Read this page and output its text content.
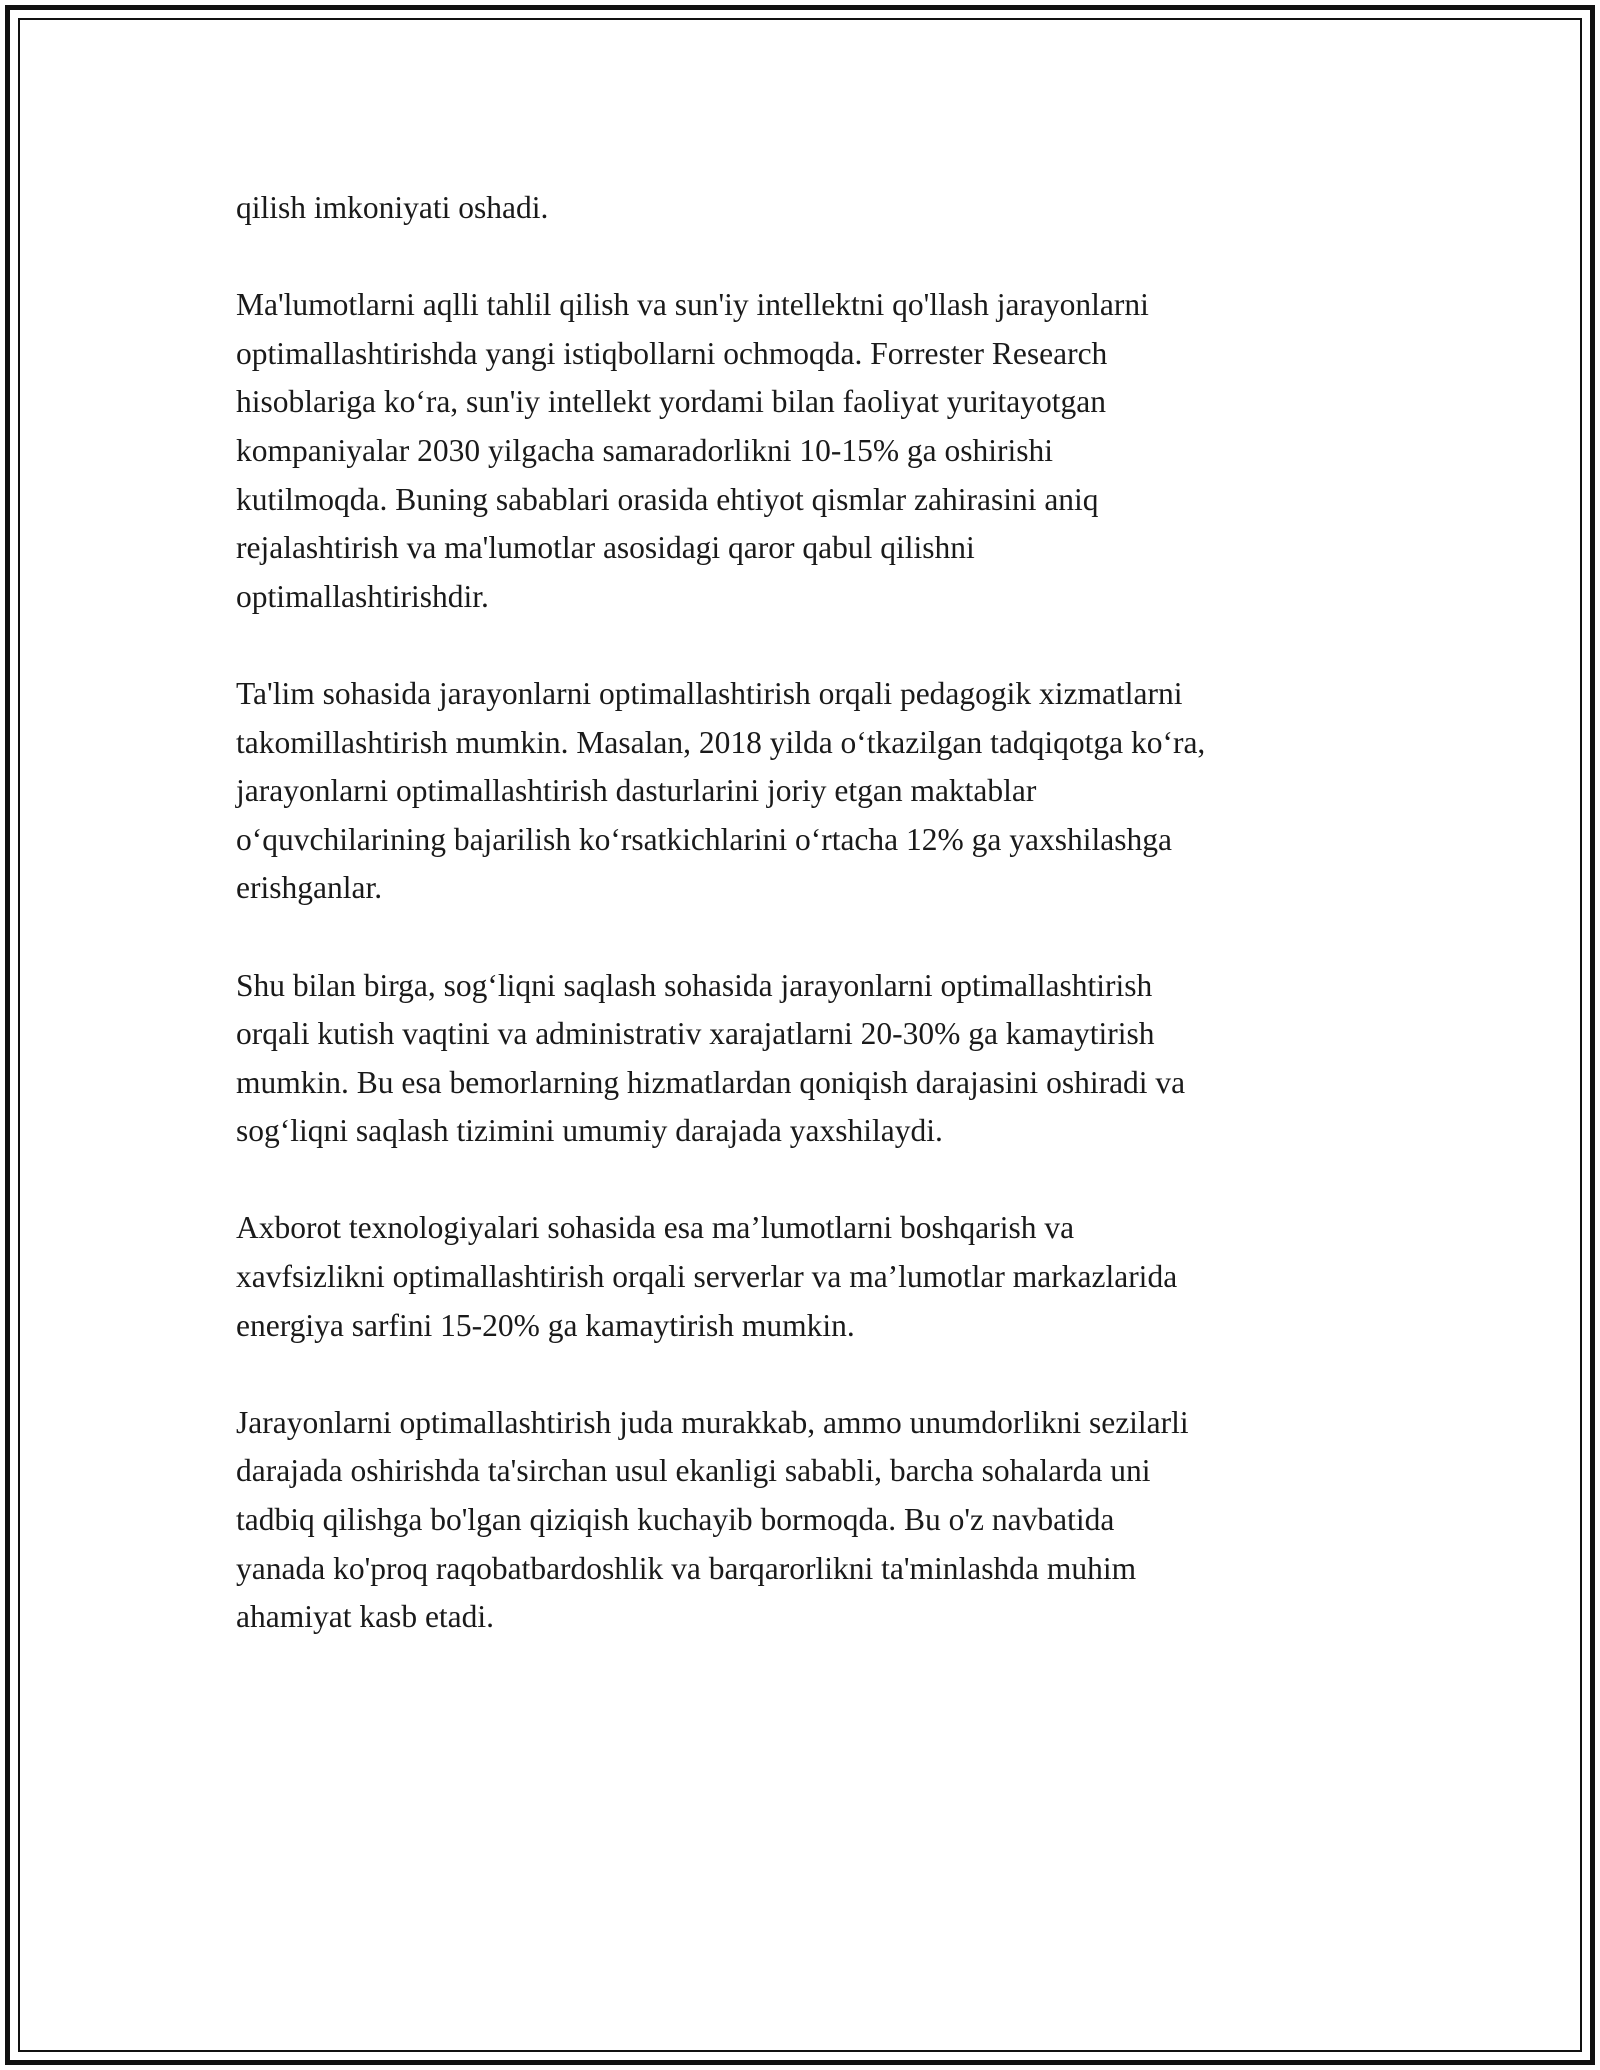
qilish imkoniyati oshadi.

Ma'lumotlarni aqlli tahlil qilish va sun'iy intellektni qo'llash jarayonlarni
optimallashtirishda yangi istiqbollarni ochmoqda. Forrester Research
hisoblariga ko‘ra, sun'iy intellekt yordami bilan faoliyat yuritayotgan
kompaniyalar 2030 yilgacha samaradorlikni 10-15% ga oshirishi
kutilmoqda. Buning sabablari orasida ehtiyot qismlar zahirasini aniq
rejalashtirish va ma'lumotlar asosidagi qaror qabul qilishni
optimallashtirishdir.

Ta'lim sohasida jarayonlarni optimallashtirish orqali pedagogik xizmatlarni
takomillashtirish mumkin. Masalan, 2018 yilda o‘tkazilgan tadqiqotga ko‘ra,
jarayonlarni optimallashtirish dasturlarini joriy etgan maktablar
o‘quvchilarining bajarilish ko‘rsatkichlarini o‘rtacha 12% ga yaxshilashga
erishganlar.

Shu bilan birga, sog‘liqni saqlash sohasida jarayonlarni optimallashtirish
orqali kutish vaqtini va administrativ xarajatlarni 20-30% ga kamaytirish
mumkin. Bu esa bemorlarning hizmatlardan qoniqish darajasini oshiradi va
sog‘liqni saqlash tizimini umumiy darajada yaxshilaydi.

Axborot texnologiyalari sohasida esa ma’lumotlarni boshqarish va
xavfsizlikni optimallashtirish orqali serverlar va ma’lumotlar markazlarida
energiya sarfini 15-20% ga kamaytirish mumkin.

Jarayonlarni optimallashtirish juda murakkab, ammo unumdorlikni sezilarli
darajada oshirishda ta'sirchan usul ekanligi sababli, barcha sohalarda uni
tadbiq qilishga bo'lgan qiziqish kuchayib bormoqda. Bu o'z navbatida
yanada ko'proq raqobatbardoshlik va barqarorlikni ta'minlashda muhim
ahamiyat kasb etadi.
